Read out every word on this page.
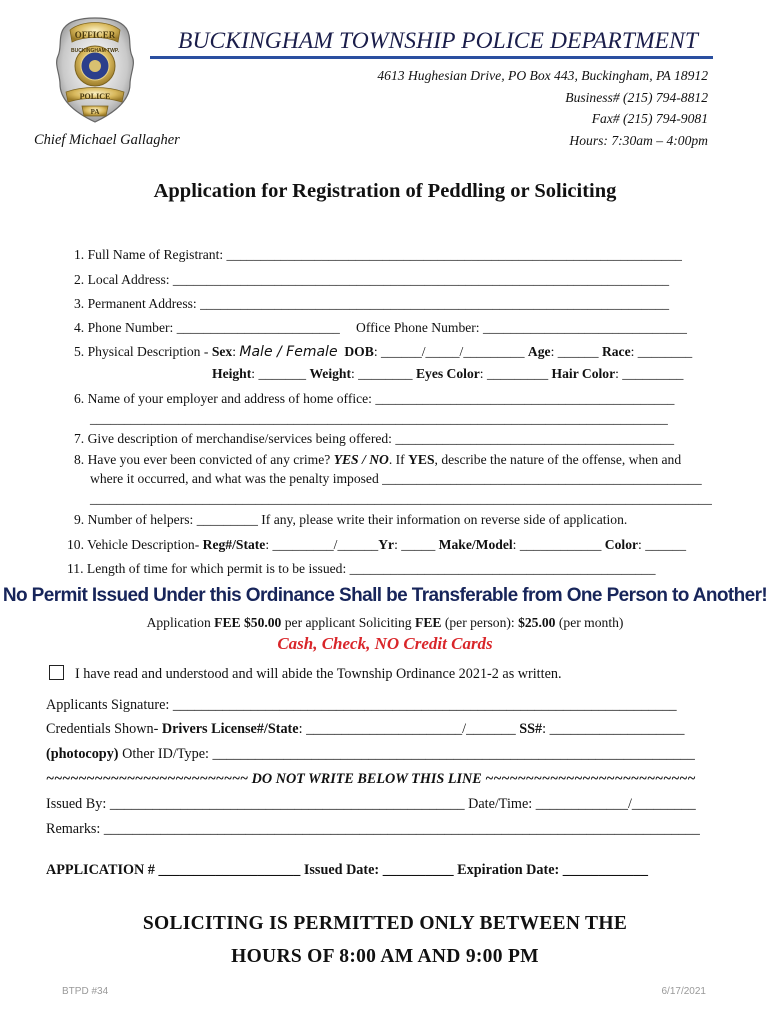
OFFICER
BUCKINGHAM TWP.
POLICE
PA
BUCKINGHAM TOWNSHIP POLICE DEPARTMENT
4613 Hughesian Drive, PO Box 443, Buckingham, PA 18912
Business# (215) 794-8812
Fax# (215) 794-9081
Hours: 7:30am – 4:00pm
Chief Michael Gallagher
Application for Registration of Peddling or Soliciting
1. Full Name of Registrant: ___________________________________________________________________
2. Local Address: _________________________________________________________________________
3. Permanent Address: _____________________________________________________________________
4. Phone Number: ________________________ Office Phone Number: ______________________________
5. Physical Description - Sex: Male / Female DOB: ______/_____/_________ Age: ______ Race: ________
Height: _______ Weight: ________ Eyes Color: _________ Hair Color: _________
6. Name of your employer and address of home office: ____________________________________________
_____________________________________________________________________________________
7. Give description of merchandise/services being offered: _________________________________________
8. Have you ever been convicted of any crime? YES / NO. If YES, describe the nature of the offense, when and
where it occurred, and what was the penalty imposed _______________________________________________
______________________________________________________________________________________________
9. Number of helpers: _________ If any, please write their information on reverse side of application.
10. Vehicle Description- Reg#/State: _________/______Yr: _____ Make/Model: ____________ Color: ______
11. Length of time for which permit is to be issued: _____________________________________________
No Permit Issued Under this Ordinance Shall be Transferable from One Person to Another!
Application FEE $50.00 per applicant Soliciting FEE (per person): $25.00 (per month)
Cash, Check, NO Credit Cards
I have read and understood and will abide the Township Ordinance 2021-2 as written.
Applicants Signature: _______________________________________________________________________
Credentials Shown- Drivers License#/State: ______________________/_______ SS#: ___________________
(photocopy) Other ID/Type: ____________________________________________________________________
~~~~~~~~~~~~~~~~~~~~~~~~~ DO NOT WRITE BELOW THIS LINE ~~~~~~~~~~~~~~~~~~~~~~~~~~
Issued By: __________________________________________________ Date/Time: _____________/_________
Remarks: ____________________________________________________________________________________
APPLICATION # ____________________ Issued Date: __________ Expiration Date: ____________
SOLICITING IS PERMITTED ONLY BETWEEN THE
HOURS OF 8:00 AM AND 9:00 PM
BTPD #34	6/17/2021
